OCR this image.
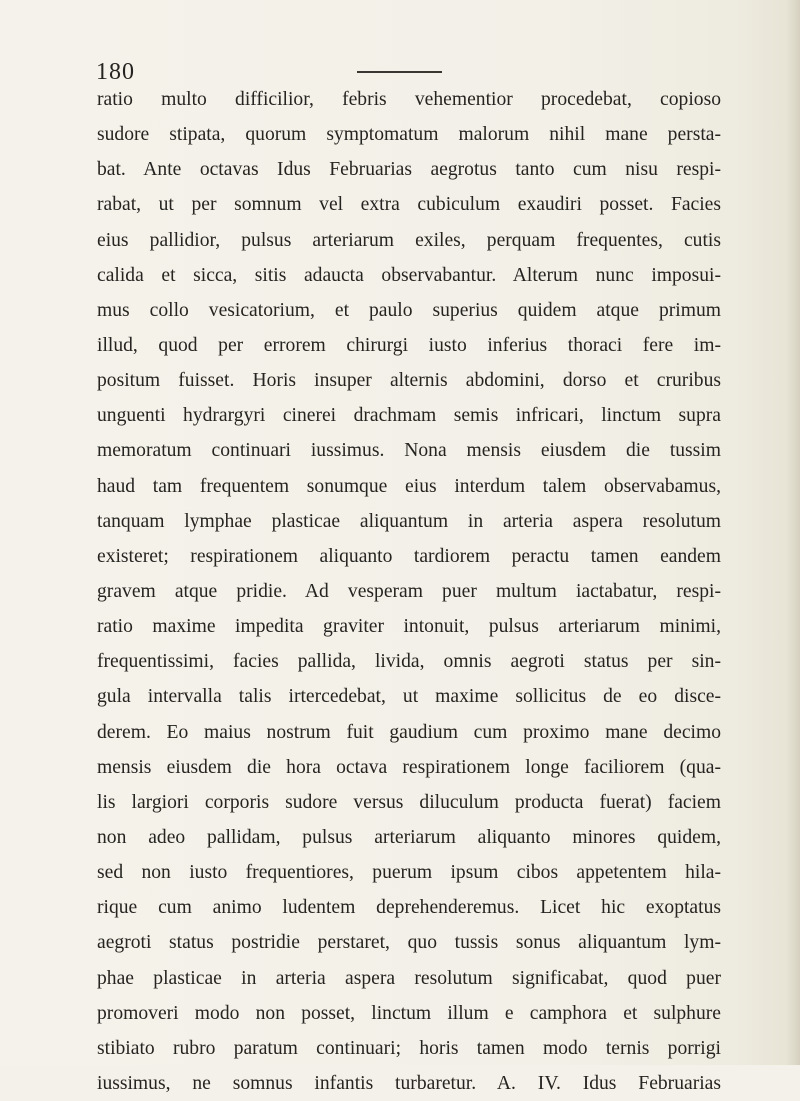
180
ratio multo difficilior, febris vehementior procedebat, copioso
sudore stipata, quorum symptomatum malorum nihil mane persta-
bat. Ante octavas Idus Februarias aegrotus tanto cum nisu respi-
rabat, ut per somnum vel extra cubiculum exaudiri posset. Facies
eius pallidior, pulsus arteriarum exiles, perquam frequentes, cutis
calida et sicca, sitis adaucta observabantur. Alterum nunc imposui-
mus collo vesicatorium, et paulo superius quidem atque primum
illud, quod per errorem chirurgi iusto inferius thoraci fere im-
positum fuisset. Horis insuper alternis abdomini, dorso et cruribus
unguenti hydrargyri cinerei drachmam semis infricari, linctum supra
memoratum continuari iussimus. Nona mensis eiusdem die tussim
haud tam frequentem sonumque eius interdum talem observabamus,
tanquam lymphae plasticae aliquantum in arteria aspera resolutum
existeret; respirationem aliquanto tardiorem peractu tamen eandem
gravem atque pridie. Ad vesperam puer multum iactabatur, respi-
ratio maxime impedita graviter intonuit, pulsus arteriarum minimi,
frequentissimi, facies pallida, livida, omnis aegroti status per sin-
gula intervalla talis irtercedebat, ut maxime sollicitus de eo disce-
derem. Eo maius nostrum fuit gaudium cum proximo mane decimo
mensis eiusdem die hora octava respirationem longe faciliorem (qua-
lis largiori corporis sudore versus diluculum producta fuerat) faciem
non adeo pallidam, pulsus arteriarum aliquanto minores quidem,
sed non iusto frequentiores, puerum ipsum cibos appetentem hila-
rique cum animo ludentem deprehenderemus. Licet hic exoptatus
aegroti status postridie perstaret, quo tussis sonus aliquantum lym-
phae plasticae in arteria aspera resolutum significabat, quod puer
promoveri modo non posset, linctum illum e camphora et sulphure
stibiato rubro paratum continuari; horis tamen modo ternis porrigi
iussimus, ne somnus infantis turbaretur. A. IV. Idus Februarias
